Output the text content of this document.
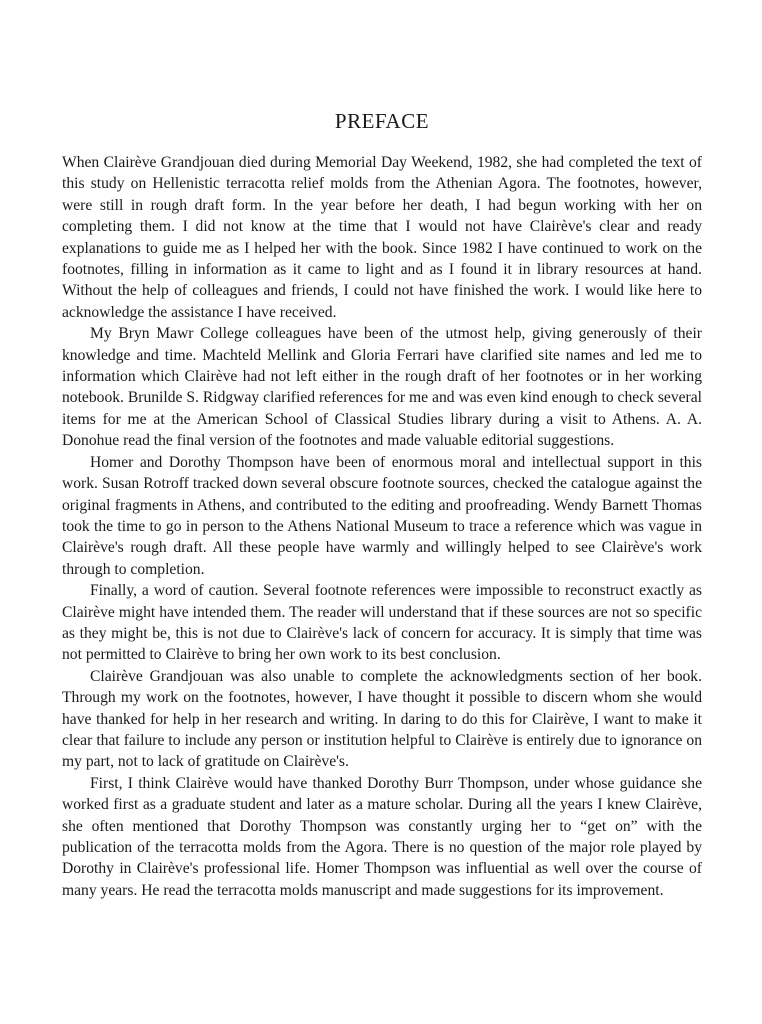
PREFACE

When Clairève Grandjouan died during Memorial Day Weekend, 1982, she had completed the text of this study on Hellenistic terracotta relief molds from the Athenian Agora. The footnotes, however, were still in rough draft form. In the year before her death, I had begun working with her on completing them. I did not know at the time that I would not have Clairève's clear and ready explanations to guide me as I helped her with the book. Since 1982 I have continued to work on the footnotes, filling in information as it came to light and as I found it in library resources at hand. Without the help of colleagues and friends, I could not have finished the work. I would like here to acknowledge the assistance I have received.

My Bryn Mawr College colleagues have been of the utmost help, giving generously of their knowledge and time. Machteld Mellink and Gloria Ferrari have clarified site names and led me to information which Clairève had not left either in the rough draft of her footnotes or in her working notebook. Brunilde S. Ridgway clarified references for me and was even kind enough to check several items for me at the American School of Classical Studies library during a visit to Athens. A. A. Donohue read the final version of the footnotes and made valuable editorial suggestions.

Homer and Dorothy Thompson have been of enormous moral and intellectual support in this work. Susan Rotroff tracked down several obscure footnote sources, checked the catalogue against the original fragments in Athens, and contributed to the editing and proofreading. Wendy Barnett Thomas took the time to go in person to the Athens National Museum to trace a reference which was vague in Clairève's rough draft. All these people have warmly and willingly helped to see Clairève's work through to completion.

Finally, a word of caution. Several footnote references were impossible to reconstruct exactly as Clairève might have intended them. The reader will understand that if these sources are not so specific as they might be, this is not due to Clairève's lack of concern for accuracy. It is simply that time was not permitted to Clairève to bring her own work to its best conclusion.

Clairève Grandjouan was also unable to complete the acknowledgments section of her book. Through my work on the footnotes, however, I have thought it possible to discern whom she would have thanked for help in her research and writing. In daring to do this for Clairève, I want to make it clear that failure to include any person or institution helpful to Clairève is entirely due to ignorance on my part, not to lack of gratitude on Clairève's.

First, I think Clairève would have thanked Dorothy Burr Thompson, under whose guidance she worked first as a graduate student and later as a mature scholar. During all the years I knew Clairève, she often mentioned that Dorothy Thompson was constantly urging her to “get on” with the publication of the terracotta molds from the Agora. There is no question of the major role played by Dorothy in Clairève's professional life. Homer Thompson was influential as well over the course of many years. He read the terracotta molds manuscript and made suggestions for its improvement.
